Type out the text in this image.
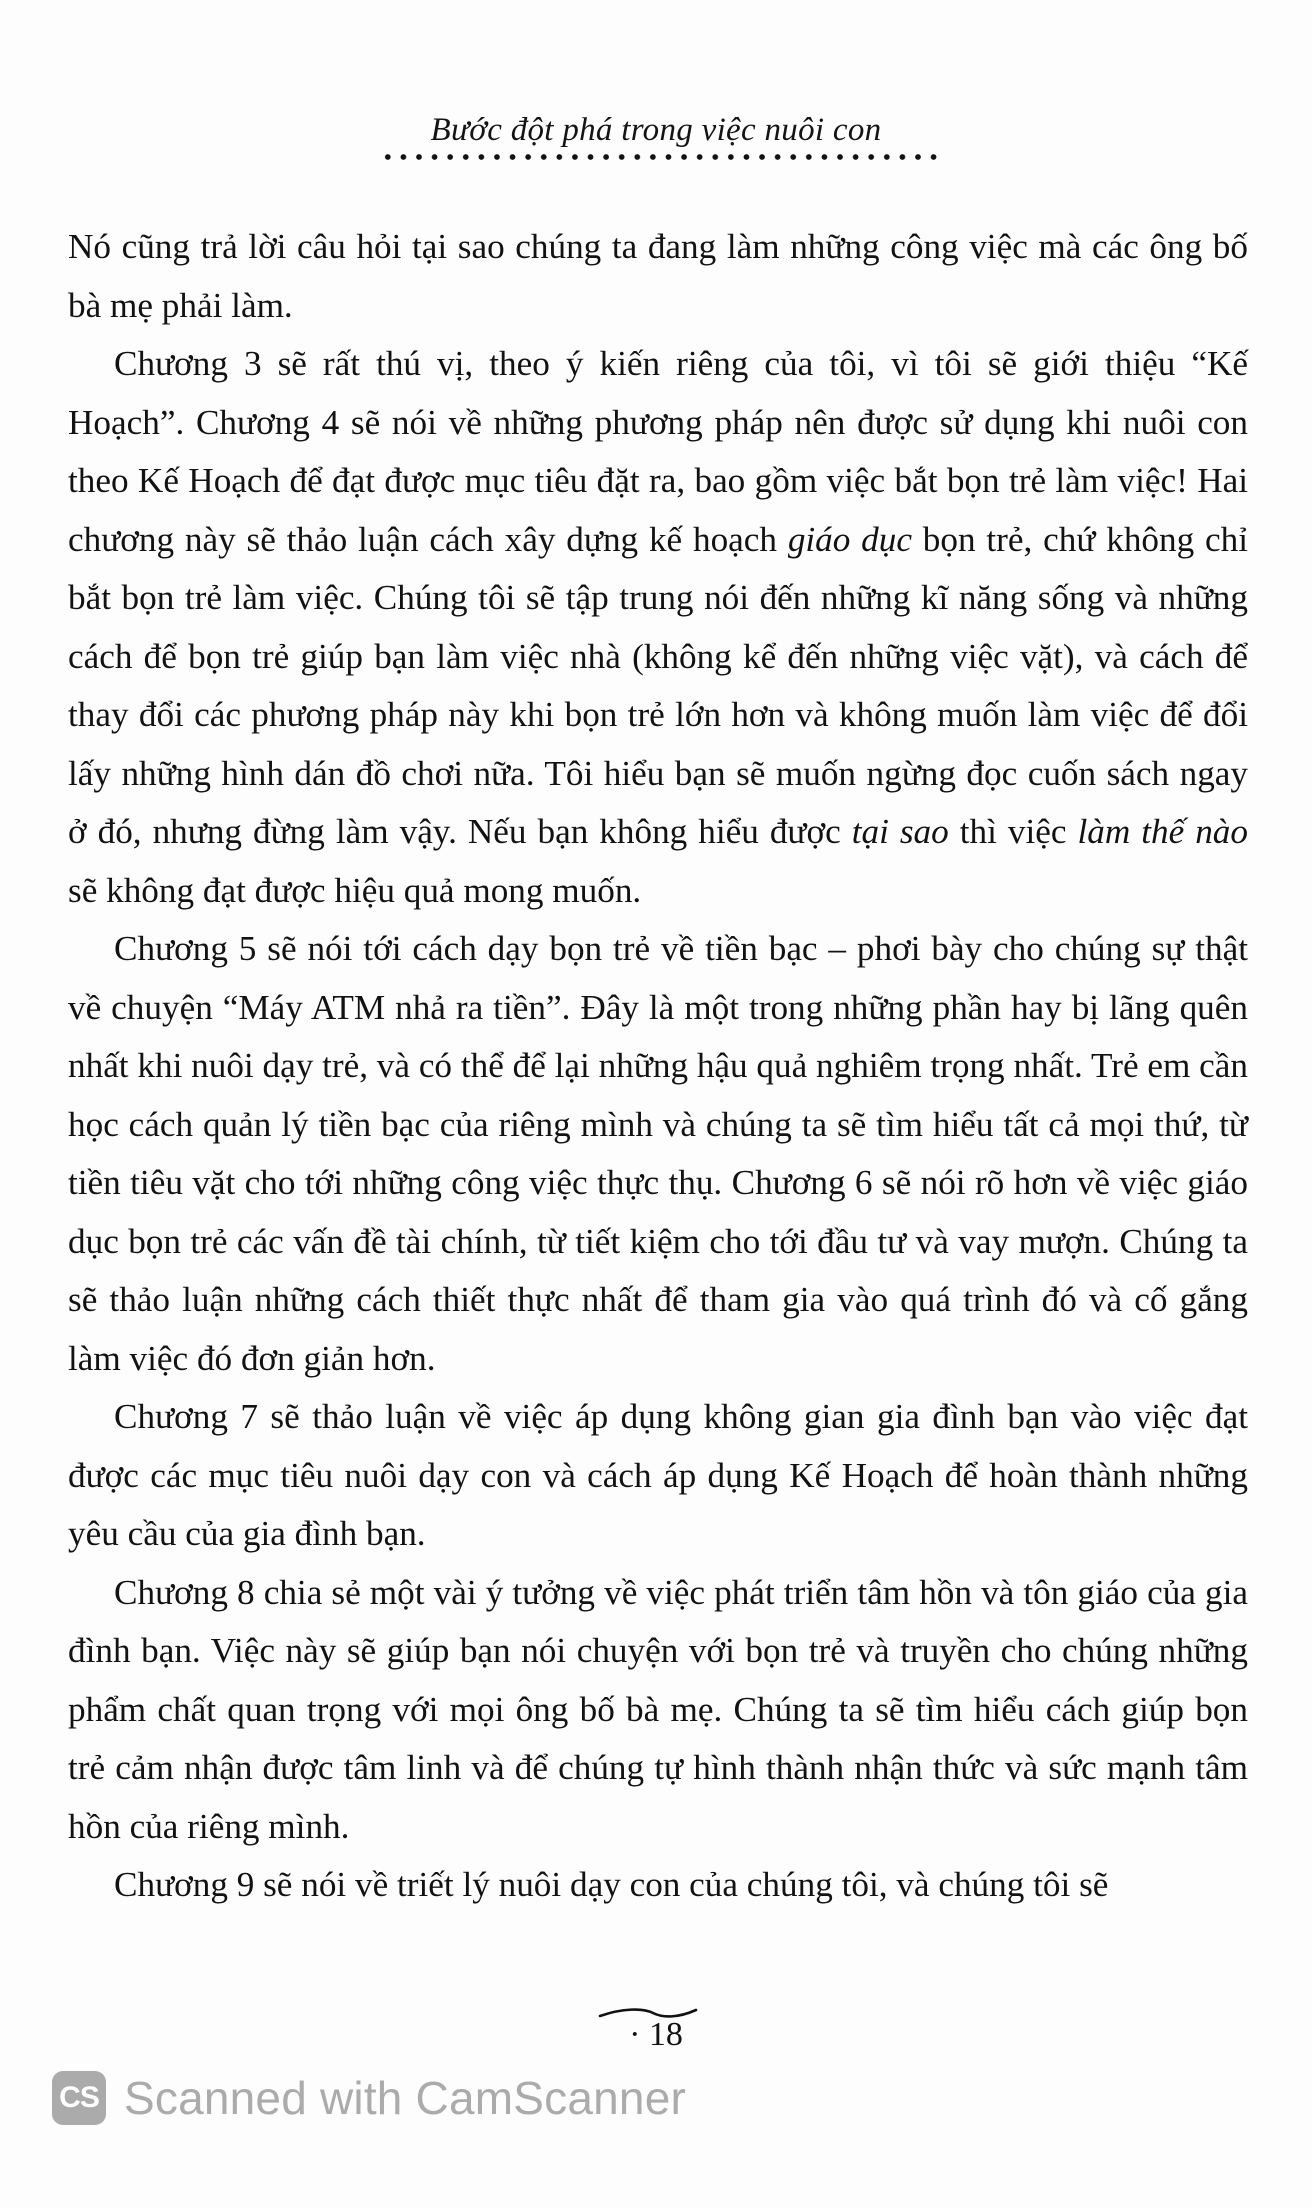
Bước đột phá trong việc nuôi con

Nó cũng trả lời câu hỏi tại sao chúng ta đang làm những công việc mà các ông bố bà mẹ phải làm.

Chương 3 sẽ rất thú vị, theo ý kiến riêng của tôi, vì tôi sẽ giới thiệu “Kế Hoạch”. Chương 4 sẽ nói về những phương pháp nên được sử dụng khi nuôi con theo Kế Hoạch để đạt được mục tiêu đặt ra, bao gồm việc bắt bọn trẻ làm việc! Hai chương này sẽ thảo luận cách xây dựng kế hoạch giáo dục bọn trẻ, chứ không chỉ bắt bọn trẻ làm việc. Chúng tôi sẽ tập trung nói đến những kĩ năng sống và những cách để bọn trẻ giúp bạn làm việc nhà (không kể đến những việc vặt), và cách để thay đổi các phương pháp này khi bọn trẻ lớn hơn và không muốn làm việc để đổi lấy những hình dán đồ chơi nữa. Tôi hiểu bạn sẽ muốn ngừng đọc cuốn sách ngay ở đó, nhưng đừng làm vậy. Nếu bạn không hiểu được tại sao thì việc làm thế nào sẽ không đạt được hiệu quả mong muốn.

Chương 5 sẽ nói tới cách dạy bọn trẻ về tiền bạc – phơi bày cho chúng sự thật về chuyện “Máy ATM nhả ra tiền”. Đây là một trong những phần hay bị lãng quên nhất khi nuôi dạy trẻ, và có thể để lại những hậu quả nghiêm trọng nhất. Trẻ em cần học cách quản lý tiền bạc của riêng mình và chúng ta sẽ tìm hiểu tất cả mọi thứ, từ tiền tiêu vặt cho tới những công việc thực thụ. Chương 6 sẽ nói rõ hơn về việc giáo dục bọn trẻ các vấn đề tài chính, từ tiết kiệm cho tới đầu tư và vay mượn. Chúng ta sẽ thảo luận những cách thiết thực nhất để tham gia vào quá trình đó và cố gắng làm việc đó đơn giản hơn.

Chương 7 sẽ thảo luận về việc áp dụng không gian gia đình bạn vào việc đạt được các mục tiêu nuôi dạy con và cách áp dụng Kế Hoạch để hoàn thành những yêu cầu của gia đình bạn.

Chương 8 chia sẻ một vài ý tưởng về việc phát triển tâm hồn và tôn giáo của gia đình bạn. Việc này sẽ giúp bạn nói chuyện với bọn trẻ và truyền cho chúng những phẩm chất quan trọng với mọi ông bố bà mẹ. Chúng ta sẽ tìm hiểu cách giúp bọn trẻ cảm nhận được tâm linh và để chúng tự hình thành nhận thức và sức mạnh tâm hồn của riêng mình.

Chương 9 sẽ nói về triết lý nuôi dạy con của chúng tôi, và chúng tôi sẽ

· 18
CS Scanned with CamScanner
